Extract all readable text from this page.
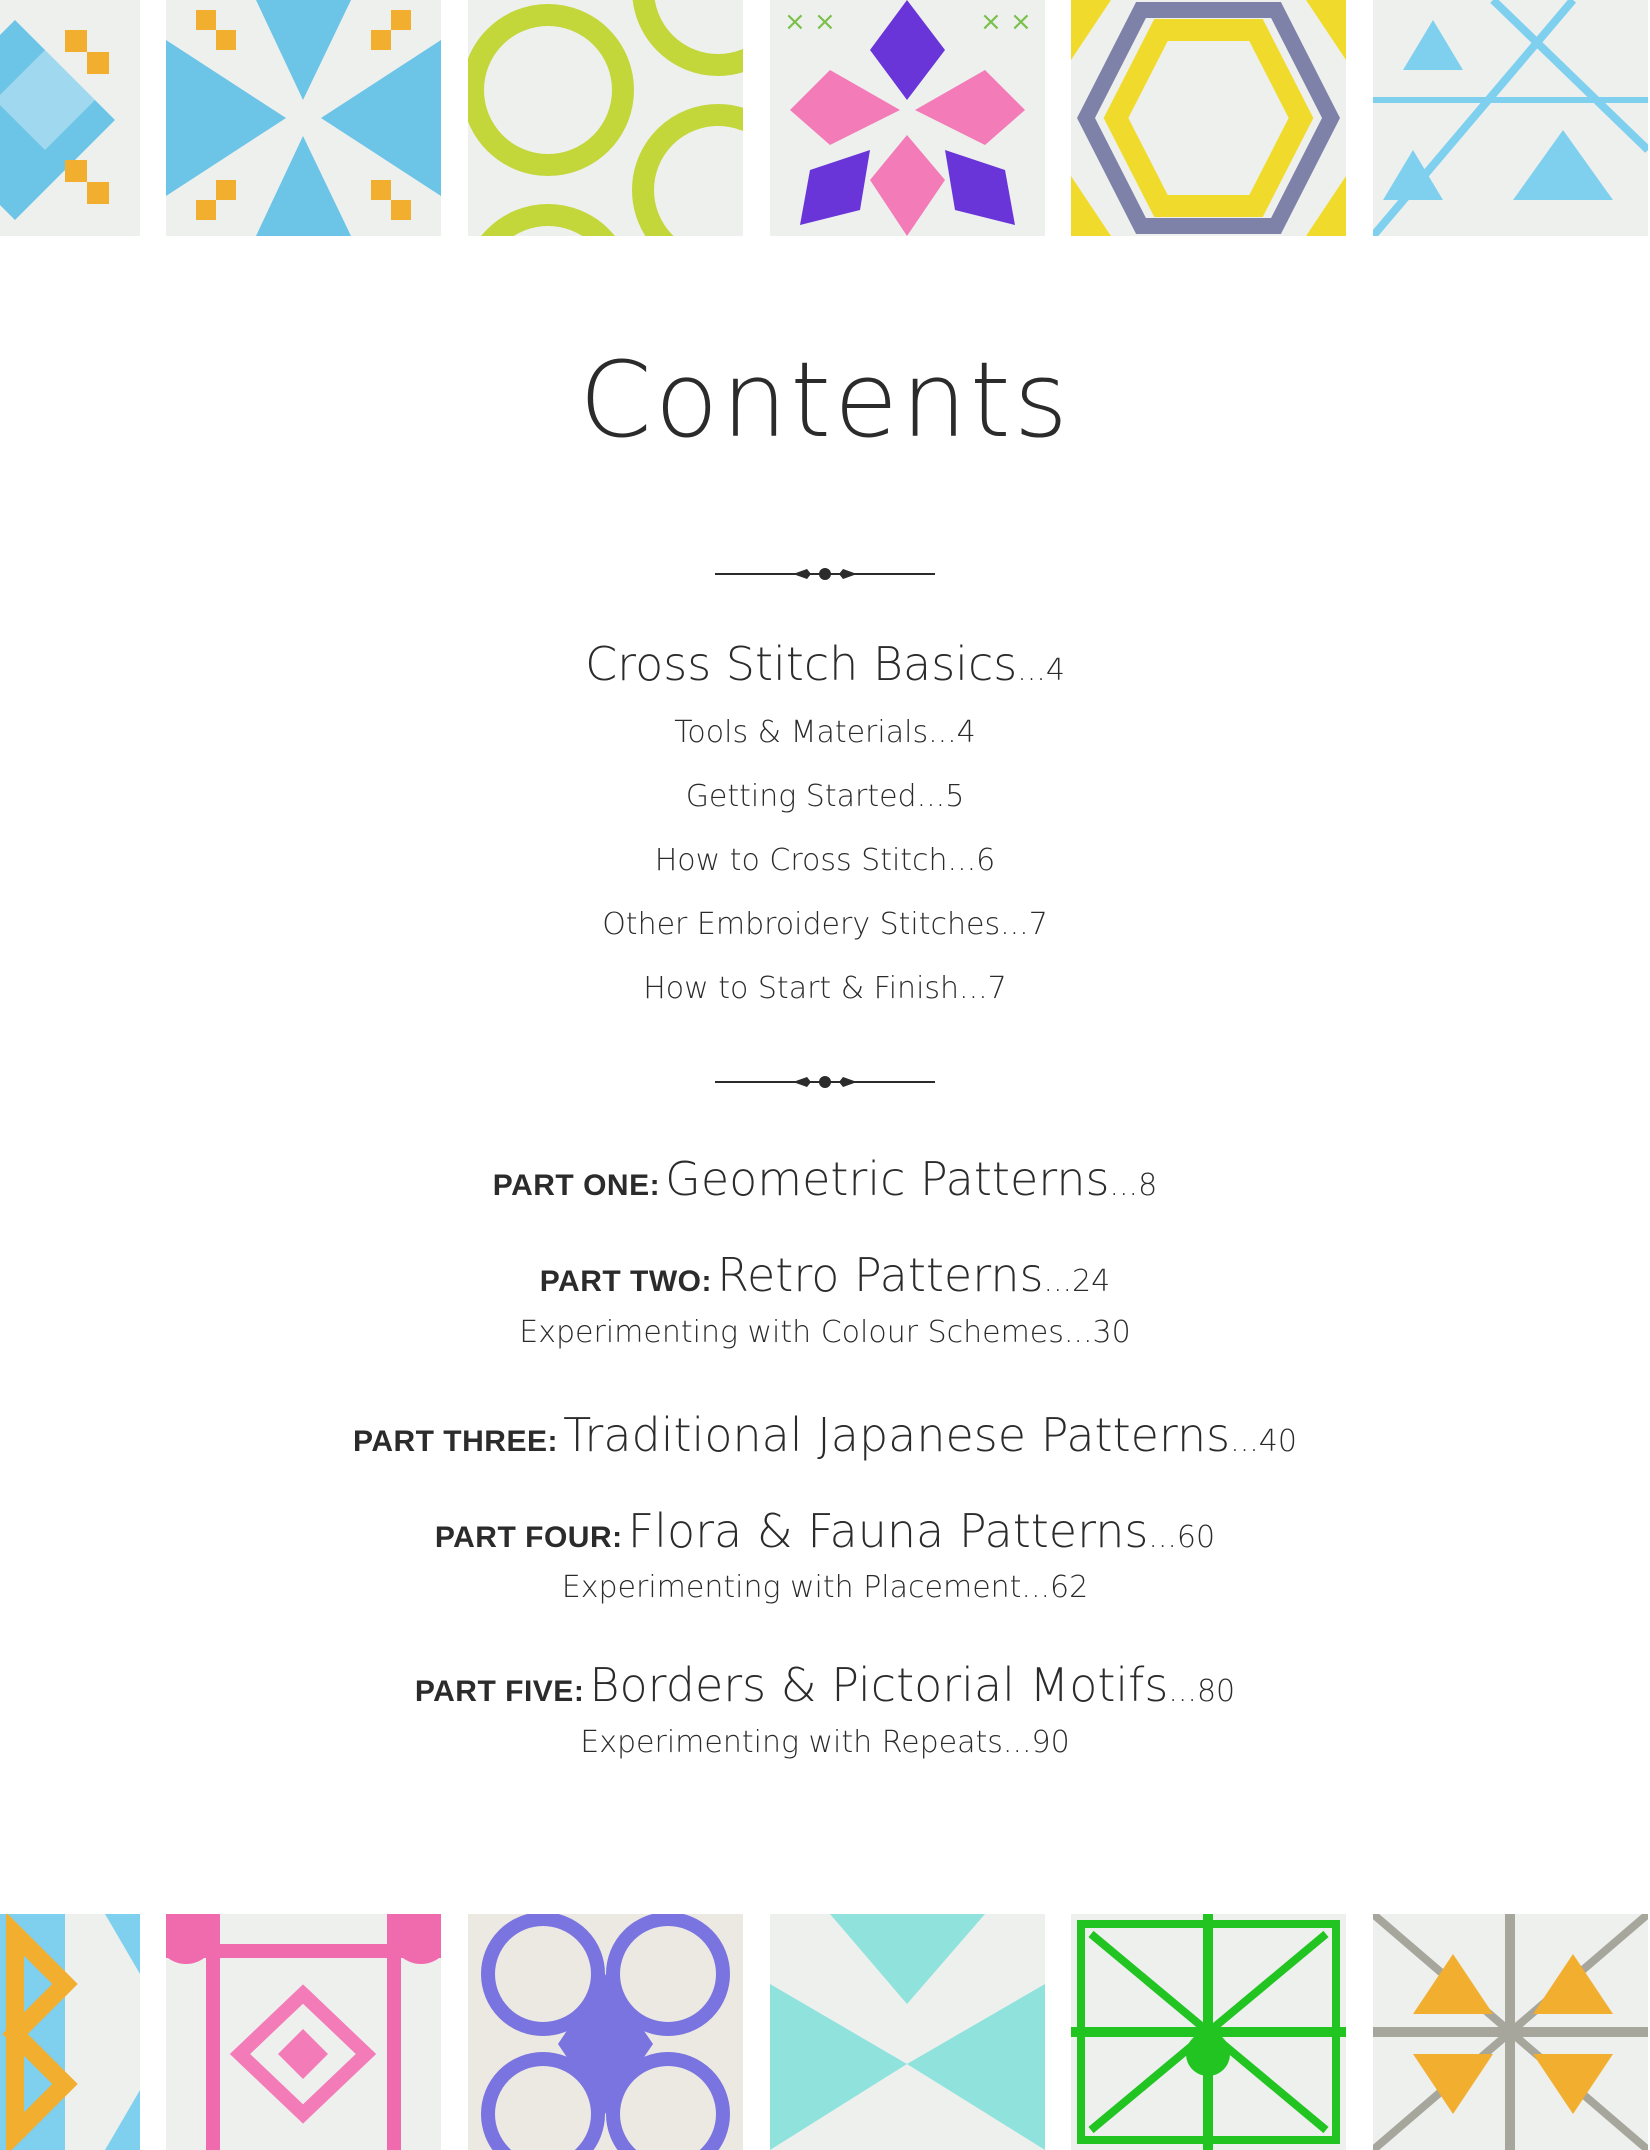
× ×	× ×
Contents
Cross Stitch Basics...4
Tools & Materials...4
Getting Started...5
How to Cross Stitch...6
Other Embroidery Stitches...7
How to Start & Finish...7
PART ONE: Geometric Patterns...8
PART TWO: Retro Patterns...24
Experimenting with Colour Schemes...30
PART THREE: Traditional Japanese Patterns...40
PART FOUR: Flora & Fauna Patterns...60
Experimenting with Placement...62
PART FIVE: Borders & Pictorial Motifs...80
Experimenting with Repeats...90
